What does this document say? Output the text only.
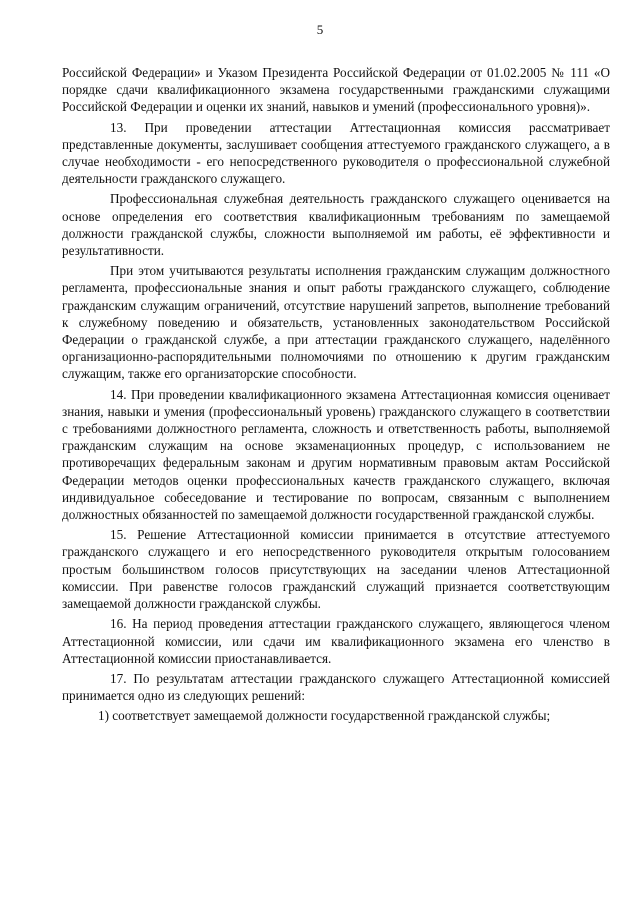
5

Российской Федерации» и Указом Президента Российской Федерации от 01.02.2005 № 111 «О порядке сдачи квалификационного экзамена государственными гражданскими служащими Российской Федерации и оценки их знаний, навыков и умений (профессионального уровня)».

13. При проведении аттестации Аттестационная комиссия рассматривает представленные документы, заслушивает сообщения аттестуемого гражданского служащего, а в случае необходимости - его непосредственного руководителя о профессиональной служебной деятельности гражданского служащего.

Профессиональная служебная деятельность гражданского служащего оценивается на основе определения его соответствия квалификационным требованиям по замещаемой должности гражданской службы, сложности выполняемой им работы, её эффективности и результативности.

При этом учитываются результаты исполнения гражданским служащим должностного регламента, профессиональные знания и опыт работы гражданского служащего, соблюдение гражданским служащим ограничений, отсутствие нарушений запретов, выполнение требований к служебному поведению и обязательств, установленных законодательством Российской Федерации о гражданской службе, а при аттестации гражданского служащего, наделённого организационно-распорядительными полномочиями по отношению к другим гражданским служащим, также его организаторские способности.

14. При проведении квалификационного экзамена Аттестационная комиссия оценивает знания, навыки и умения (профессиональный уровень) гражданского служащего в соответствии с требованиями должностного регламента, сложность и ответственность работы, выполняемой гражданским служащим на основе экзаменационных процедур, с использованием не противоречащих федеральным законам и другим нормативным правовым актам Российской Федерации методов оценки профессиональных качеств гражданского служащего, включая индивидуальное собеседование и тестирование по вопросам, связанным с выполнением должностных обязанностей по замещаемой должности государственной гражданской службы.

15. Решение Аттестационной комиссии принимается в отсутствие аттестуемого гражданского служащего и его непосредственного руководителя открытым голосованием простым большинством голосов присутствующих на заседании членов Аттестационной комиссии. При равенстве голосов гражданский служащий признается соответствующим замещаемой должности гражданской службы.

16. На период проведения аттестации гражданского служащего, являющегося членом Аттестационной комиссии, или сдачи им квалификационного экзамена его членство в Аттестационной комиссии приостанавливается.

17. По результатам аттестации гражданского служащего Аттестационной комиссией принимается одно из следующих решений:

1) соответствует замещаемой должности государственной гражданской службы;
